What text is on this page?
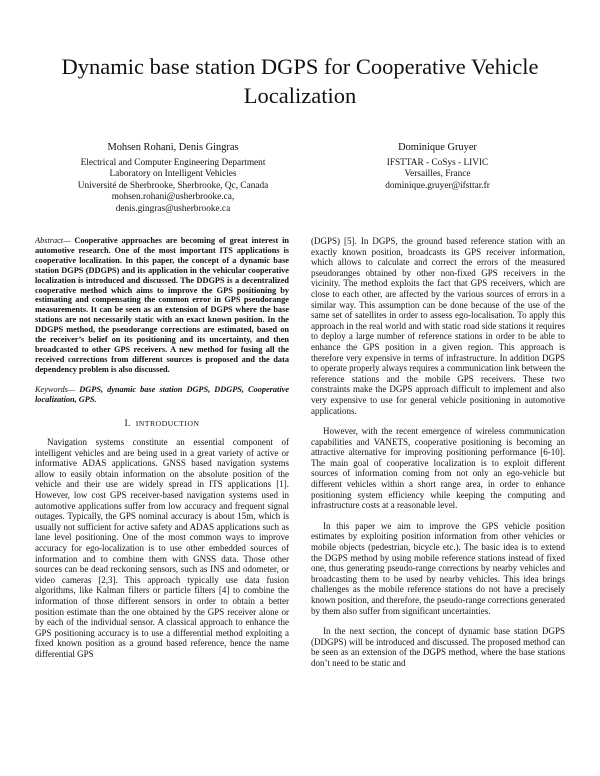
Dynamic base station DGPS for Cooperative Vehicle Localization
Mohsen Rohani, Denis Gingras
Electrical and Computer Engineering Department
Laboratory on Intelligent Vehicles
Université de Sherbrooke, Sherbrooke, Qc, Canada
mohsen.rohani@usherbrooke.ca,
denis.gingras@usherbrooke.ca
Dominique Gruyer
IFSTTAR - CoSys - LIVIC
Versailles, France
dominique.gruyer@ifsttar.fr

Abstract— Cooperative approaches are becoming of great interest in automotive research. One of the most important ITS applications is cooperative localization. In this paper, the concept of a dynamic base station DGPS (DDGPS) and its application in the vehicular cooperative localization is introduced and discussed. The DDGPS is a decentralized cooperative method which aims to improve the GPS positioning by estimating and compensating the common error in GPS pseudorange measurements. It can be seen as an extension of DGPS where the base stations are not necessarily static with an exact known position. In the DDGPS method, the pseudorange corrections are estimated, based on the receiver’s belief on its positioning and its uncertainty, and then broadcasted to other GPS receivers. A new method for fusing all the received corrections from different sources is proposed and the data dependency problem is also discussed.

Keywords— DGPS, dynamic base station DGPS, DDGPS, Cooperative localization, GPS.

I. INTRODUCTION

Navigation systems constitute an essential component of intelligent vehicles and are being used in a great variety of active or informative ADAS applications. GNSS based navigation systems allow to easily obtain information on the absolute position of the vehicle and their use are widely spread in ITS applications [1]. However, low cost GPS receiver-based navigation systems used in automotive applications suffer from low accuracy and frequent signal outages. Typically, the GPS nominal accuracy is about 15m, which is usually not sufficient for active safety and ADAS applications such as lane level positioning. One of the most common ways to improve accuracy for ego-localization is to use other embedded sources of information and to combine them with GNSS data. Those other sources can be dead reckoning sensors, such as INS and odometer, or video cameras [2,3]. This approach typically use data fusion algorithms, like Kalman filters or particle filters [4] to combine the information of those different sensors in order to obtain a better position estimate than the one obtained by the GPS receiver alone or by each of the individual sensor. A classical approach to enhance the GPS positioning accuracy is to use a differential method exploiting a fixed known position as a ground based reference, hence the name differential GPS

(DGPS) [5]. In DGPS, the ground based reference station with an exactly known position, broadcasts its GPS receiver information, which allows to calculate and correct the errors of the measured pseudoranges obtained by other non-fixed GPS receivers in the vicinity. The method exploits the fact that GPS receivers, which are close to each other, are affected by the various sources of errors in a similar way. This assumption can be done because of the use of the same set of satellites in order to assess ego-localisation. To apply this approach in the real world and with static road side stations it requires to deploy a large number of reference stations in order to be able to enhance the GPS position in a given region. This approach is therefore very expensive in terms of infrastructure. In addition DGPS to operate properly always requires a communication link between the reference stations and the mobile GPS receivers. These two constraints make the DGPS approach difficult to implement and also very expensive to use for general vehicle positioning in automotive applications.

However, with the recent emergence of wireless communication capabilities and VANETS, cooperative positioning is becoming an attractive alternative for improving positioning performance [6-10]. The main goal of cooperative localization is to exploit different sources of information coming from not only an ego-vehicle but different vehicles within a short range area, in order to enhance positioning system efficiency while keeping the computing and infrastructure costs at a reasonable level.

In this paper we aim to improve the GPS vehicle position estimates by exploiting position information from other vehicles or mobile objects (pedestrian, bicycle etc.). The basic idea is to extend the DGPS method by using mobile reference stations instead of fixed one, thus generating pseudo-range corrections by nearby vehicles and broadcasting them to be used by nearby vehicles. This idea brings challenges as the mobile reference stations do not have a precisely known position, and therefore, the pseudo-range corrections generated by them also suffer from significant uncertainties.

In the next section, the concept of dynamic base station DGPS (DDGPS) will be introduced and discussed. The proposed method can be seen as an extension of the DGPS method, where the base stations don’t need to be static and
